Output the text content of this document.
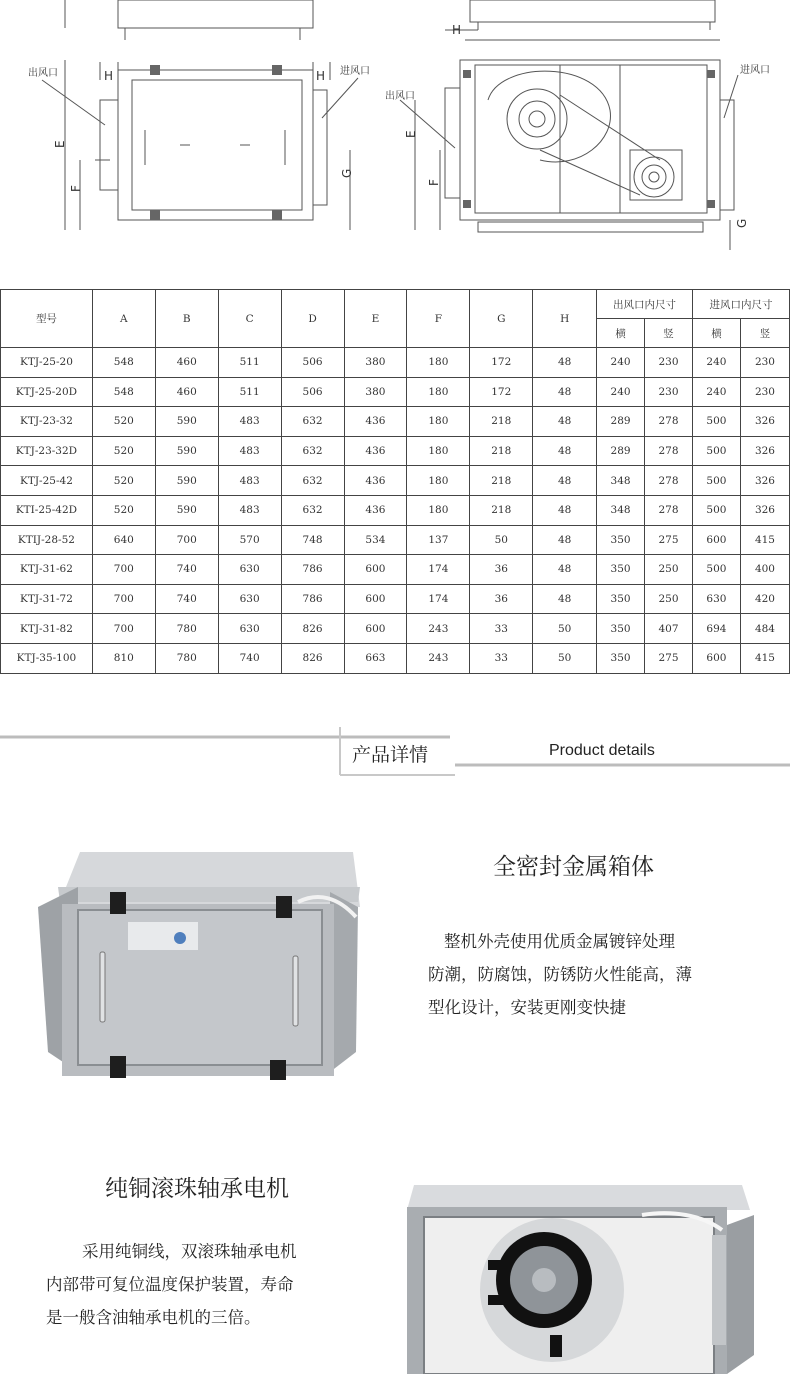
出风口	进风口
H	H
E
F
G
出风口
进风口
H
E
F
G
型号	A	B	C	D	E	F	G	H	出风口内尺寸		进风口内尺寸	
									横	竖	横	竖
KTJ-25-20	548	460	511	506	380	180	172	48	240	230	240	230
KTJ-25-20D	548	460	511	506	380	180	172	48	240	230	240	230
KTJ-23-32	520	590	483	632	436	180	218	48	289	278	500	326
KTJ-23-32D	520	590	483	632	436	180	218	48	289	278	500	326
KTJ-25-42	520	590	483	632	436	180	218	48	348	278	500	326
KTI-25-42D	520	590	483	632	436	180	218	48	348	278	500	326
KTIJ-28-52	640	700	570	748	534	137	50	48	350	275	600	415
KTJ-31-62	700	740	630	786	600	174	36	48	350	250	500	400
KTJ-31-72	700	740	630	786	600	174	36	48	350	250	630	420
KTJ-31-82	700	780	630	826	600	243	33	50	350	407	694	484
KTJ-35-100	810	780	740	826	663	243	33	50	350	275	600	415
产品详情	Product details
全密封金属箱体
整机外壳使用优质金属镀锌处理
防潮，防腐蚀，防锈防火性能高，薄
型化设计，安装更刚变快捷
纯铜滚珠轴承电机
采用纯铜线，双滚珠轴承电机
内部带可复位温度保护装置，寿命
是一般含油轴承电机的三倍。
